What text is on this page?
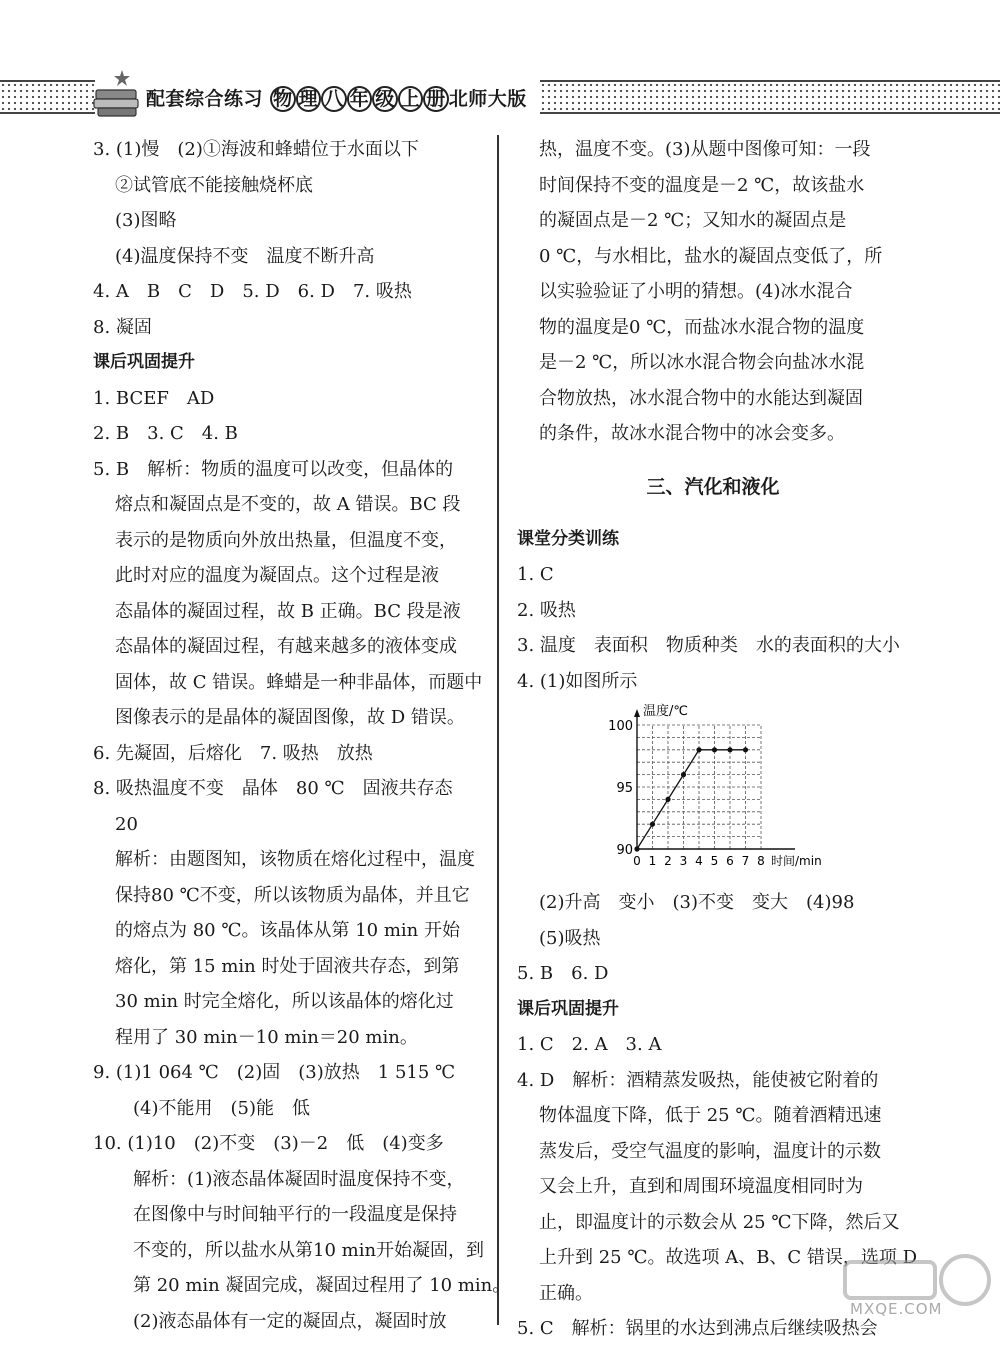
配套综合练习 物 理 八 年 级 上 册 北师大版
3. (1)慢　(2)①海波和蜂蜡位于水面以下
②试管底不能接触烧杯底
(3)图略
(4)温度保持不变　温度不断升高
4. A　B　C　D　5. D　6. D　7. 吸热
8. 凝固
课后巩固提升
1. BCEF　AD
2. B　3. C　4. B
5. B　解析：物质的温度可以改变，但晶体的
熔点和凝固点是不变的，故 A 错误。BC 段
表示的是物质向外放出热量，但温度不变，
此时对应的温度为凝固点。这个过程是液
态晶体的凝固过程，故 B 正确。BC 段是液
态晶体的凝固过程，有越来越多的液体变成
固体，故 C 错误。蜂蜡是一种非晶体，而题中
图像表示的是晶体的凝固图像，故 D 错误。
6. 先凝固，后熔化　7. 吸热　放热
8. 吸热温度不变　晶体　80 ℃　固液共存态
20
解析：由题图知，该物质在熔化过程中，温度
保持80 ℃不变，所以该物质为晶体，并且它
的熔点为 80 ℃。该晶体从第 10 min 开始
熔化，第 15 min 时处于固液共存态，到第
30 min 时完全熔化，所以该晶体的熔化过
程用了 30 min－10 min＝20 min。
9. (1)1 064 ℃　(2)固　(3)放热　1 515 ℃
(4)不能用　(5)能　低
10. (1)10　(2)不变　(3)－2　低　(4)变多
解析：(1)液态晶体凝固时温度保持不变，
在图像中与时间轴平行的一段温度是保持
不变的，所以盐水从第10 min开始凝固，到
第 20 min 凝固完成，凝固过程用了 10 min。
(2)液态晶体有一定的凝固点，凝固时放
热，温度不变。(3)从题中图像可知：一段
时间保持不变的温度是－2 ℃，故该盐水
的凝固点是－2 ℃；又知水的凝固点是
0 ℃，与水相比，盐水的凝固点变低了，所
以实验验证了小明的猜想。(4)冰水混合
物的温度是0 ℃，而盐冰水混合物的温度
是－2 ℃，所以冰水混合物会向盐冰水混
合物放热，冰水混合物中的水能达到凝固
的条件，故冰水混合物中的冰会变多。
三、汽化和液化
课堂分类训练
1. C
2. 吸热
3. 温度　表面积　物质种类　水的表面积的大小
4. (1)如图所示
温度/℃
时间/min
90
95
100
0 1 2 3 4 5 6 7 8
(2)升高　变小　(3)不变　变大　(4)98
(5)吸热
5. B　6. D
课后巩固提升
1. C　2. A　3. A
4. D　解析：酒精蒸发吸热，能使被它附着的
物体温度下降，低于 25 ℃。随着酒精迅速
蒸发后，受空气温度的影响，温度计的示数
又会上升，直到和周围环境温度相同时为
止，即温度计的示数会从 25 ℃下降，然后又
上升到 25 ℃。故选项 A、B、C 错误，选项 D
正确。
5. C　解析：锅里的水达到沸点后继续吸热会
MXQE.COM
